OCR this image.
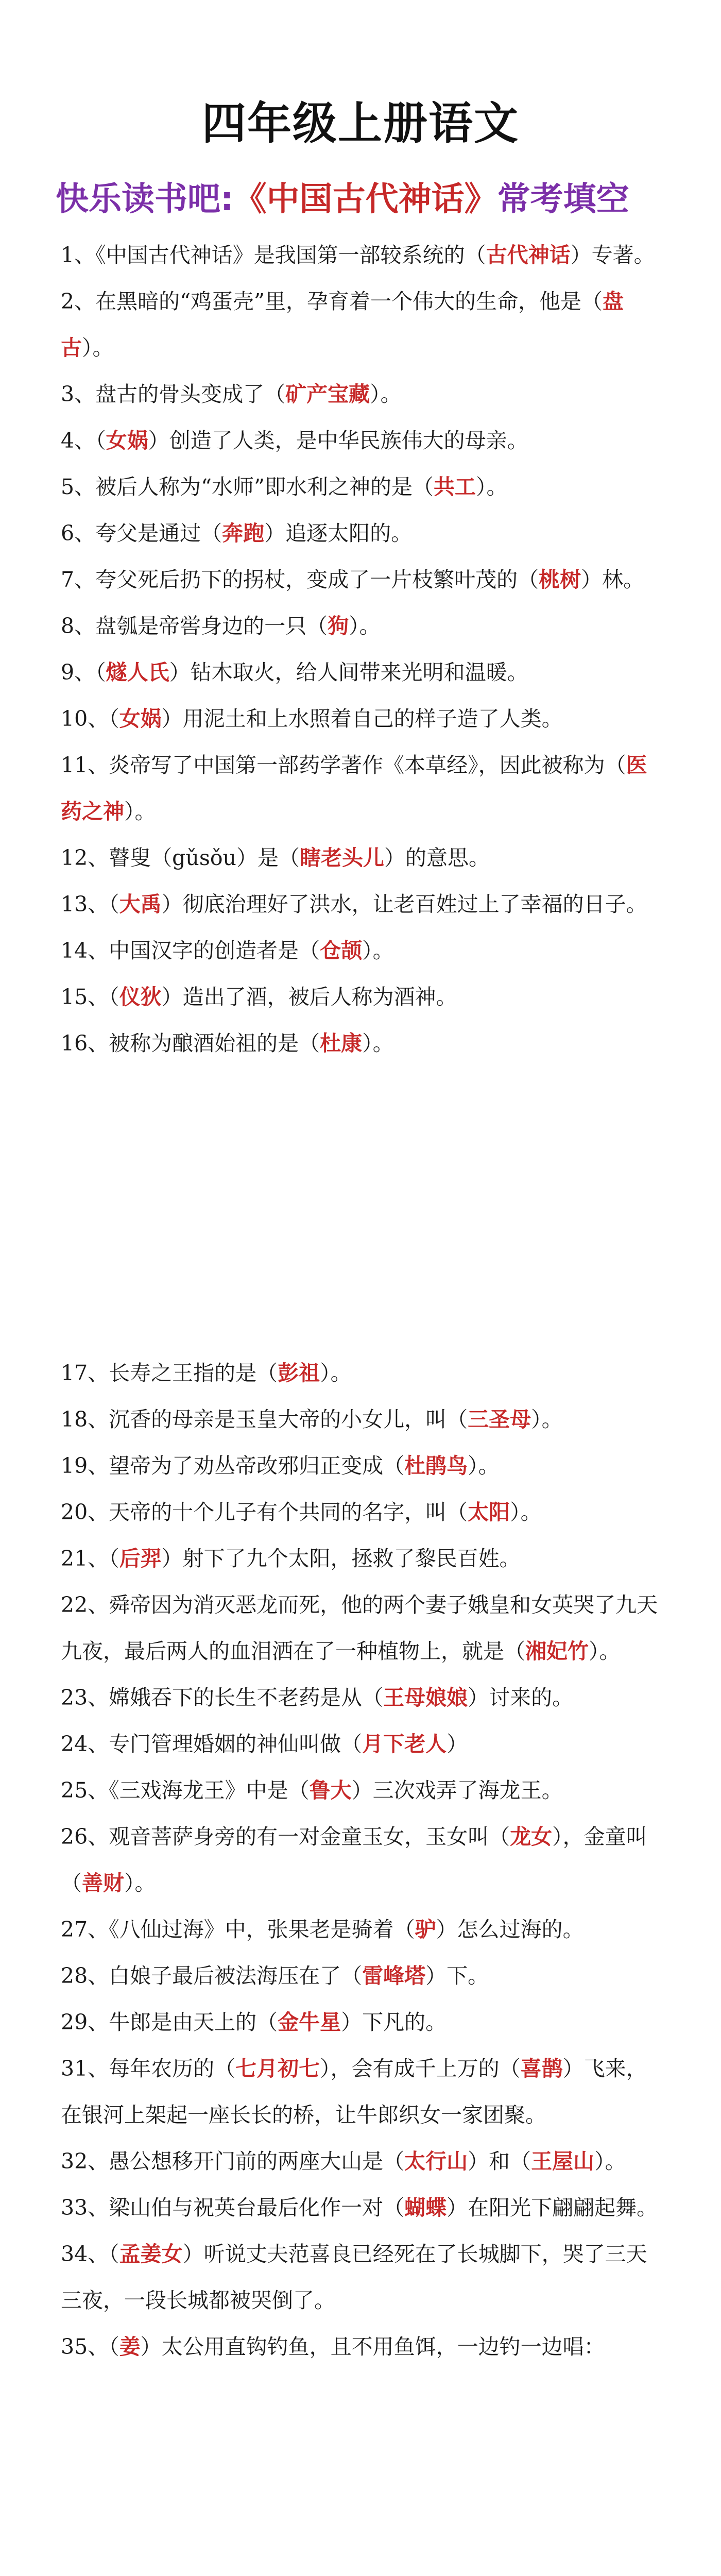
四年级上册语文
快乐读书吧:《中国古代神话》常考填空

1、《中国古代神话》是我国第一部较系统的（古代神话）专著。

2、在黑暗的“鸡蛋壳”里，孕育着一个伟大的生命，他是（盘古）。

3、盘古的骨头变成了（矿产宝藏）。

4、（女娲）创造了人类，是中华民族伟大的母亲。

5、被后人称为“水师”即水利之神的是（共工）。

6、夸父是通过（奔跑）追逐太阳的。

7、夸父死后扔下的拐杖，变成了一片枝繁叶茂的（桃树）林。

8、盘瓠是帝喾身边的一只（狗）。

9、（燧人氏）钻木取火，给人间带来光明和温暖。

10、（女娲）用泥土和上水照着自己的样子造了人类。

11、炎帝写了中国第一部药学著作《本草经》，因此被称为（医药之神）。

12、瞽叟（gǔsǒu）是（瞎老头儿）的意思。

13、（大禹）彻底治理好了洪水，让老百姓过上了幸福的日子。

14、中国汉字的创造者是（仓颉）。

15、（仪狄）造出了酒，被后人称为酒神。

16、被称为酿酒始祖的是（杜康）。

17、长寿之王指的是（彭祖）。

18、沉香的母亲是玉皇大帝的小女儿，叫（三圣母）。

19、望帝为了劝丛帝改邪归正变成（杜鹃鸟）。

20、天帝的十个儿子有个共同的名字，叫（太阳）。

21、（后羿）射下了九个太阳，拯救了黎民百姓。

22、舜帝因为消灭恶龙而死，他的两个妻子娥皇和女英哭了九天九夜，最后两人的血泪洒在了一种植物上，就是（湘妃竹）。

23、嫦娥吞下的长生不老药是从（王母娘娘）讨来的。

24、专门管理婚姻的神仙叫做（月下老人）

25、《三戏海龙王》中是（鲁大）三次戏弄了海龙王。

26、观音菩萨身旁的有一对金童玉女，玉女叫（龙女），金童叫（善财）。

27、《八仙过海》中，张果老是骑着（驴）怎么过海的。

28、白娘子最后被法海压在了（雷峰塔）下。

29、牛郎是由天上的（金牛星）下凡的。

31、每年农历的（七月初七），会有成千上万的（喜鹊）飞来，在银河上架起一座长长的桥，让牛郎织女一家团聚。

32、愚公想移开门前的两座大山是（太行山）和（王屋山）。

33、梁山伯与祝英台最后化作一对（蝴蝶）在阳光下翩翩起舞。

34、（孟姜女）听说丈夫范喜良已经死在了长城脚下，哭了三天三夜，一段长城都被哭倒了。

35、（姜）太公用直钩钓鱼，且不用鱼饵，一边钓一边唱：
